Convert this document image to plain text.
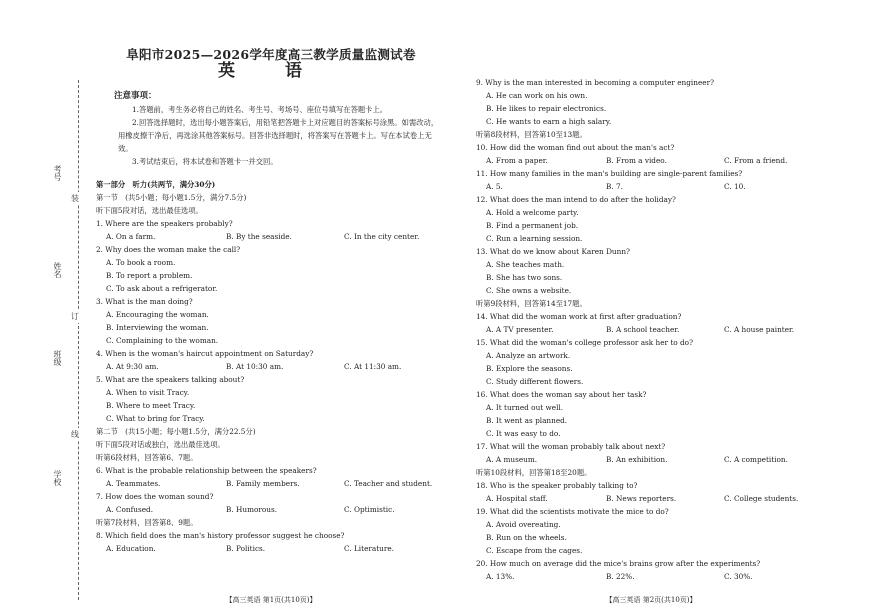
考号
姓名
班级
学校
装
订
线
阜阳市2025—2026学年度高三教学质量监测试卷
英 语
注意事项：

1.答题前，考生务必将自己的姓名、考生号、考场号、座位号填写在答题卡上。

2.回答选择题时，选出每小题答案后，用铅笔把答题卡上对应题目的答案标号涂黑。如需改动，用橡皮擦干净后，再选涂其他答案标号。回答非选择题时，将答案写在答题卡上。写在本试卷上无效。

3.考试结束后，将本试卷和答题卡一并交回。

第一部分　听力(共两节，满分30分)
第一节　(共5小题；每小题1.5分，满分7.5分)
听下面5段对话，选出最佳选项。
1. Where are the speakers probably?
A. On a farm.	B. By the seaside.	C. In the city center.
2. Why does the woman make the call?
A. To book a room.
B. To report a problem.
C. To ask about a refrigerator.
3. What is the man doing?
A. Encouraging the woman.
B. Interviewing the woman.
C. Complaining to the woman.
4. When is the woman's haircut appointment on Saturday?
A. At 9:30 am.	B. At 10:30 am.	C. At 11:30 am.
5. What are the speakers talking about?
A. When to visit Tracy.
B. Where to meet Tracy.
C. What to bring for Tracy.
第二节　(共15小题；每小题1.5分，满分22.5分)
听下面5段对话或独白，选出最佳选项。
听第6段材料，回答第6、7题。
6. What is the probable relationship between the speakers?
A. Teammates.	B. Family members.	C. Teacher and student.
7. How does the woman sound?
A. Confused.	B. Humorous.	C. Optimistic.
听第7段材料，回答第8、9题。
8. Which field does the man's history professor suggest he choose?
A. Education.	B. Politics.	C. Literature.
【高三英语 第1页(共10页)】
9. Why is the man interested in becoming a computer engineer?
A. He can work on his own.
B. He likes to repair electronics.
C. He wants to earn a high salary.
听第8段材料，回答第10至13题。
10. How did the woman find out about the man's act?
A. From a paper.	B. From a video.	C. From a friend.
11. How many families in the man's building are single-parent families?
A. 5.	B. 7.	C. 10.
12. What does the man intend to do after the holiday?
A. Hold a welcome party.
B. Find a permanent job.
C. Run a learning session.
13. What do we know about Karen Dunn?
A. She teaches math.
B. She has two sons.
C. She owns a website.
听第9段材料，回答第14至17题。
14. What did the woman work at first after graduation?
A. A TV presenter.	B. A school teacher.	C. A house painter.
15. What did the woman's college professor ask her to do?
A. Analyze an artwork.
B. Explore the seasons.
C. Study different flowers.
16. What does the woman say about her task?
A. It turned out well.
B. It went as planned.
C. It was easy to do.
17. What will the woman probably talk about next?
A. A museum.	B. An exhibition.	C. A competition.
听第10段材料，回答第18至20题。
18. Who is the speaker probably talking to?
A. Hospital staff.	B. News reporters.	C. College students.
19. What did the scientists motivate the mice to do?
A. Avoid overeating.
B. Run on the wheels.
C. Escape from the cages.
20. How much on average did the mice's brains grow after the experiments?
A. 13%.	B. 22%.	C. 30%.
【高三英语 第2页(共10页)】
